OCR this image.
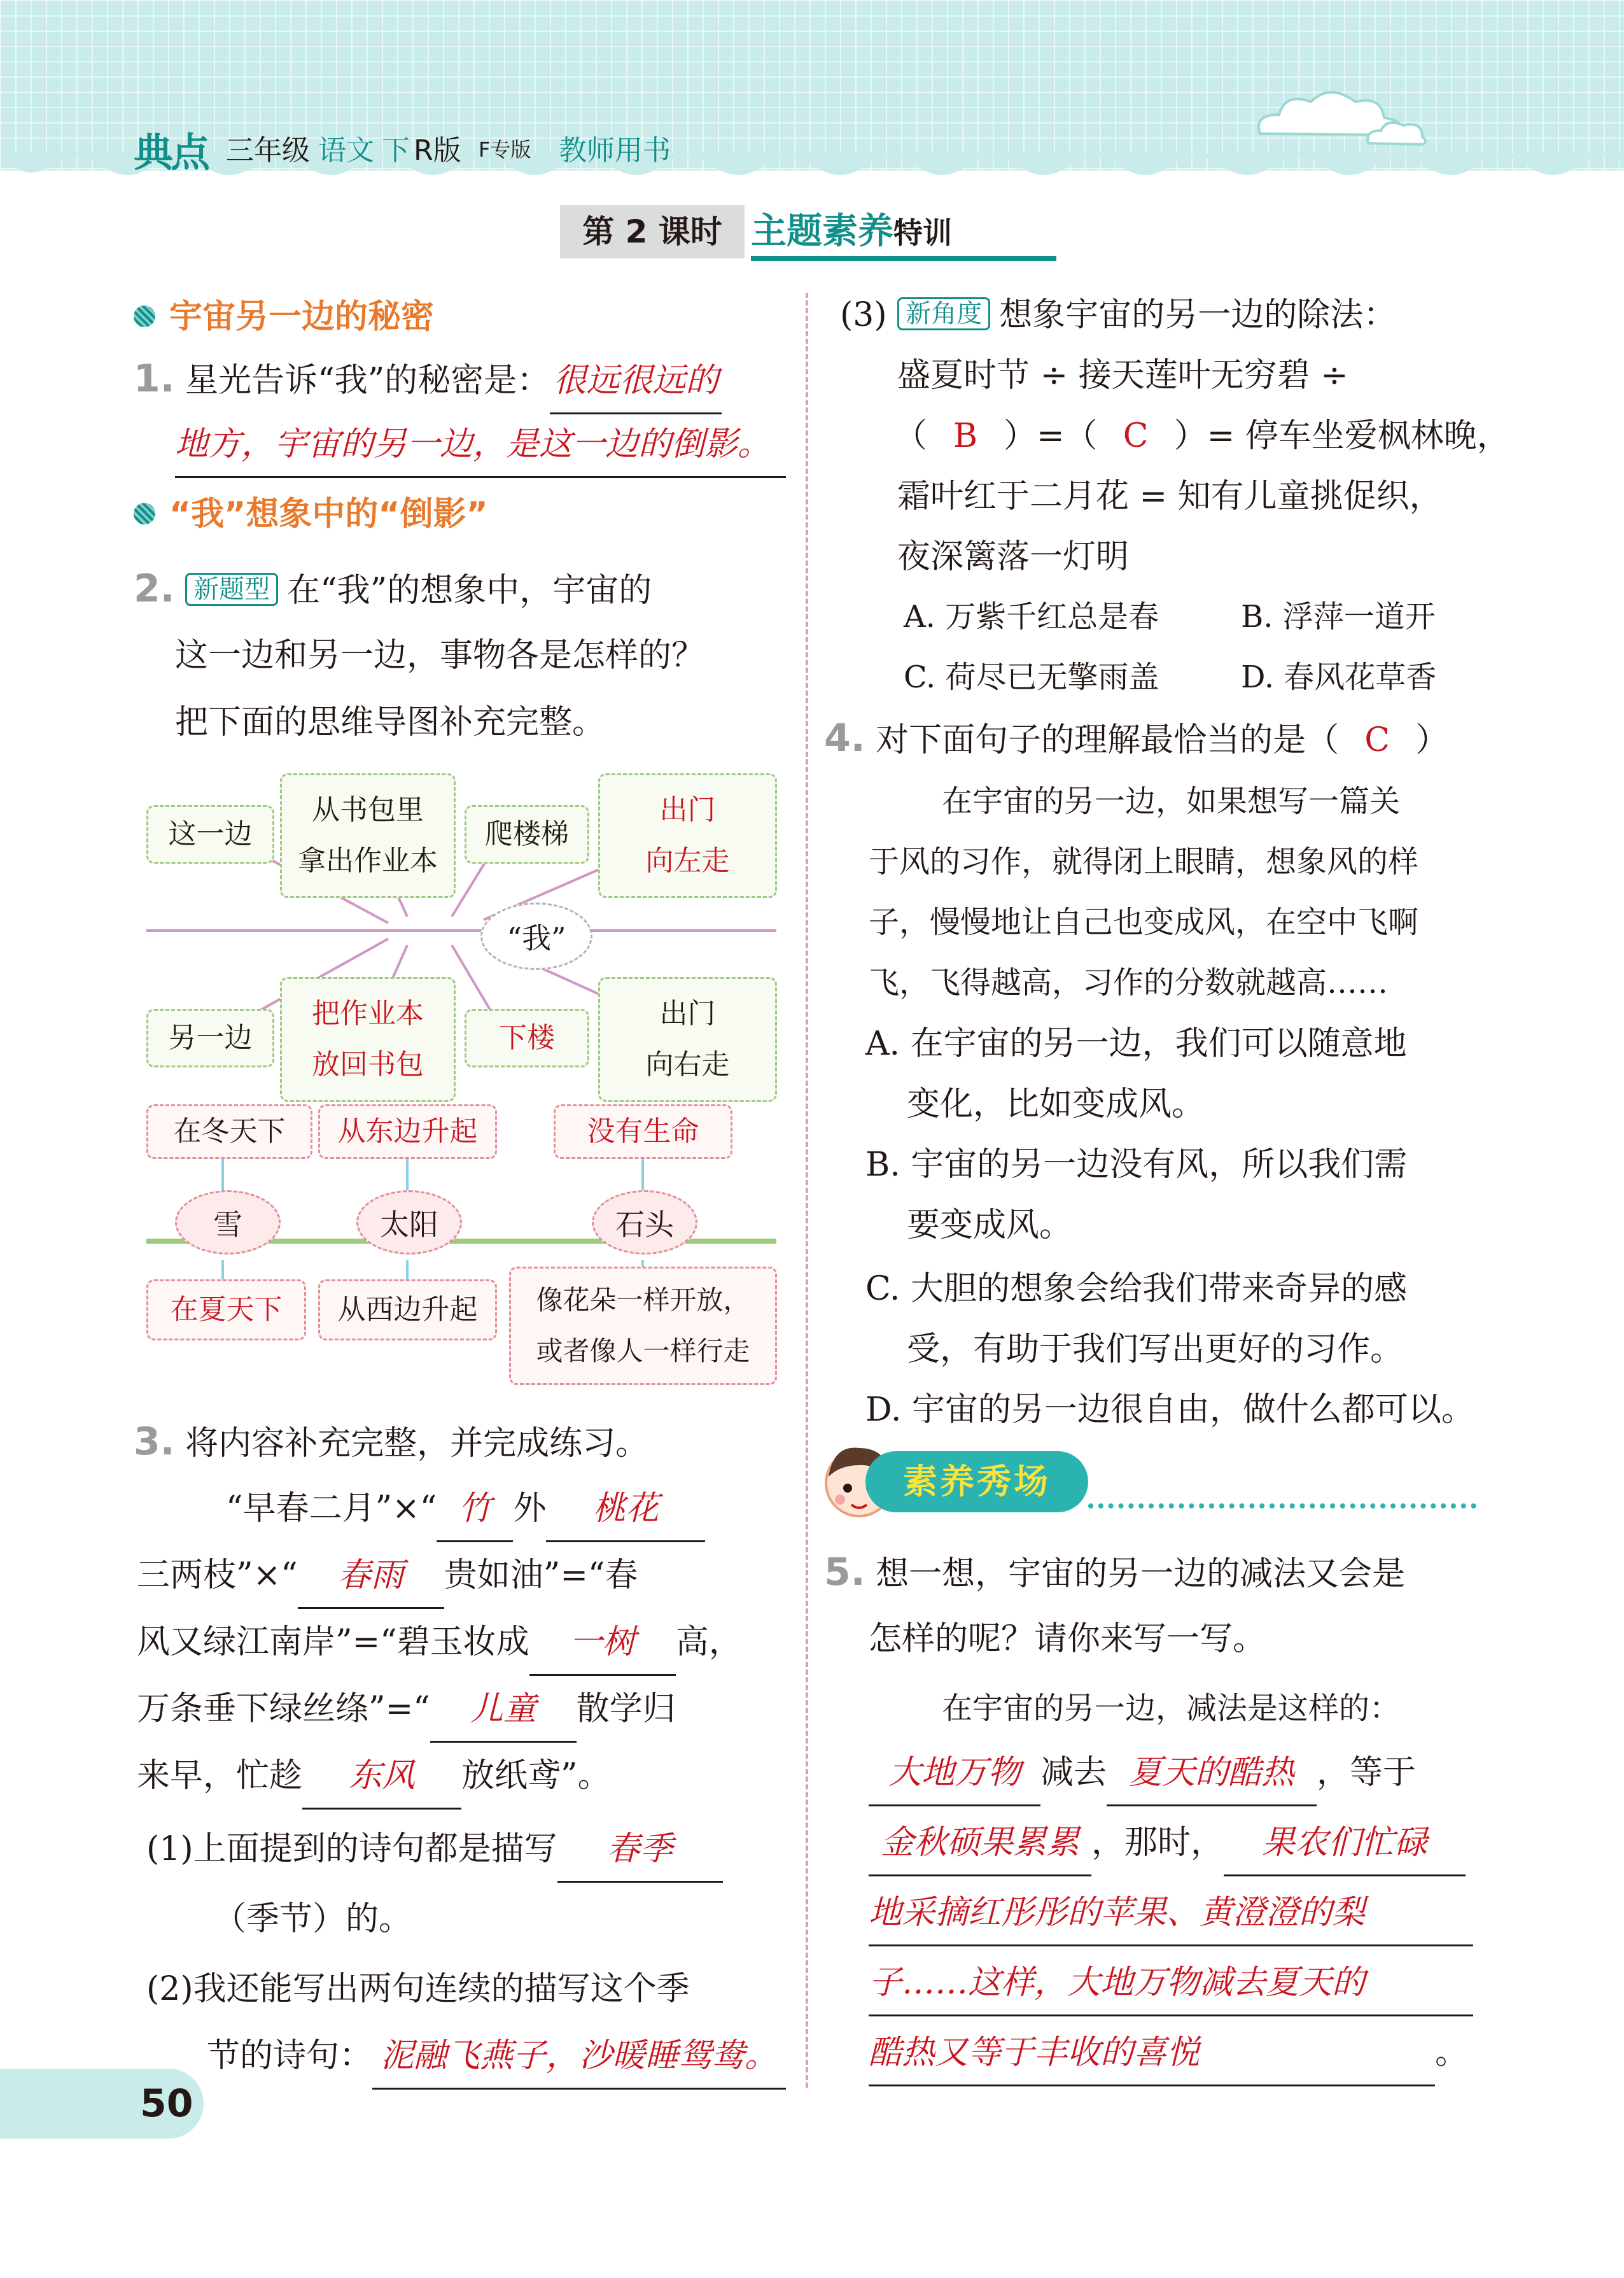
典点 三年级 语文 下 R版 F专版 教师用书
第 2 课时 主题素养特训
宇宙另一边的秘密
1. 星光告诉“我”的秘密是：很远很远的
地方，宇宙的另一边，是这一边的倒影。
“我”想象中的“倒影”
2. 新题型 在“我”的想象中，宇宙的
这一边和另一边，事物各是怎样的？
把下面的思维导图补充完整。
“我”
这一边
从书包里
拿出作业本
爬楼梯
出门
向左走
另一边
把作业本
放回书包
下楼
出门
向右走
在冬天下	从东边升起	没有生命
雪	太阳	石头
在夏天下	从西边升起	像花朵一样开放，
或者像人一样行走
3. 将内容补充完整，并完成练习。
“早春二月”×“ 竹 外 桃花
三两枝”×“ 春雨 贵如油”=“春
风又绿江南岸”=“碧玉妆成 一树 高，
万条垂下绿丝绦”=“ 儿童 散学归
来早，忙趁 东风 放纸鸢”。
(1)上面提到的诗句都是描写 春季
（季节）的。
(2)我还能写出两句连续的描写这个季
节的诗句： 泥融飞燕子，沙暖睡鸳鸯。
(3) 新角度 想象宇宙的另一边的除法：
盛夏时节 ÷ 接天莲叶无穷碧 ÷
（ B ）=（ C ）= 停车坐爱枫林晚，
霜叶红于二月花 = 知有儿童挑促织，
夜深篱落一灯明
A. 万紫千红总是春	B. 浮萍一道开
C. 荷尽已无擎雨盖	D. 春风花草香
4. 对下面句子的理解最恰当的是（ C ）
在宇宙的另一边，如果想写一篇关
于风的习作，就得闭上眼睛，想象风的样
子，慢慢地让自己也变成风，在空中飞啊
飞，飞得越高，习作的分数就越高……
A. 在宇宙的另一边，我们可以随意地
变化，比如变成风。
B. 宇宙的另一边没有风，所以我们需
要变成风。
C. 大胆的想象会给我们带来奇异的感
受，有助于我们写出更好的习作。
D. 宇宙的另一边很自由，做什么都可以。
素养秀场
5. 想一想，宇宙的另一边的减法又会是
怎样的呢？请你来写一写。
在宇宙的另一边，减法是这样的：
大地万物 减去 夏天的酷热 ，等于
金秋硕果累累 ，那时， 果农们忙碌
地采摘红彤彤的苹果、黄澄澄的梨
子……这样，大地万物减去夏天的
酷热又等于丰收的喜悦	。
50
